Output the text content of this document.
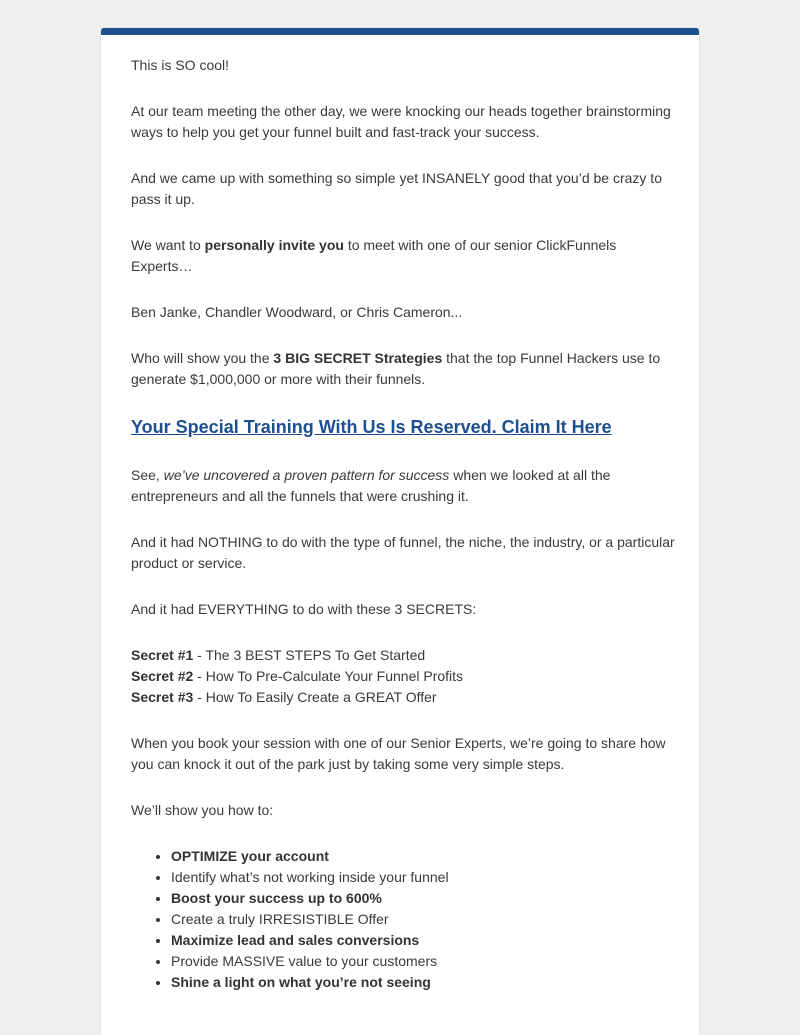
This is SO cool!

At our team meeting the other day, we were knocking our heads together brainstorming ways to help you get your funnel built and fast-track your success.

And we came up with something so simple yet INSANELY good that you’d be crazy to pass it up.

We want to personally invite you to meet with one of our senior ClickFunnels Experts…

Ben Janke, Chandler Woodward, or Chris Cameron...

Who will show you the 3 BIG SECRET Strategies that the top Funnel Hackers use to generate $1,000,000 or more with their funnels.

Your Special Training With Us Is Reserved. Claim It Here

See, we’ve uncovered a proven pattern for success when we looked at all the entrepreneurs and all the funnels that were crushing it.

And it had NOTHING to do with the type of funnel, the niche, the industry, or a particular product or service.

And it had EVERYTHING to do with these 3 SECRETS:

Secret #1 - The 3 BEST STEPS To Get Started
Secret #2 - How To Pre-Calculate Your Funnel Profits
Secret #3 - How To Easily Create a GREAT Offer

When you book your session with one of our Senior Experts, we’re going to share how you can knock it out of the park just by taking some very simple steps.

We’ll show you how to:

• OPTIMIZE your account
• Identify what’s not working inside your funnel
• Boost your success up to 600%
• Create a truly IRRESISTIBLE Offer
• Maximize lead and sales conversions
• Provide MASSIVE value to your customers
• Shine a light on what you’re not seeing
